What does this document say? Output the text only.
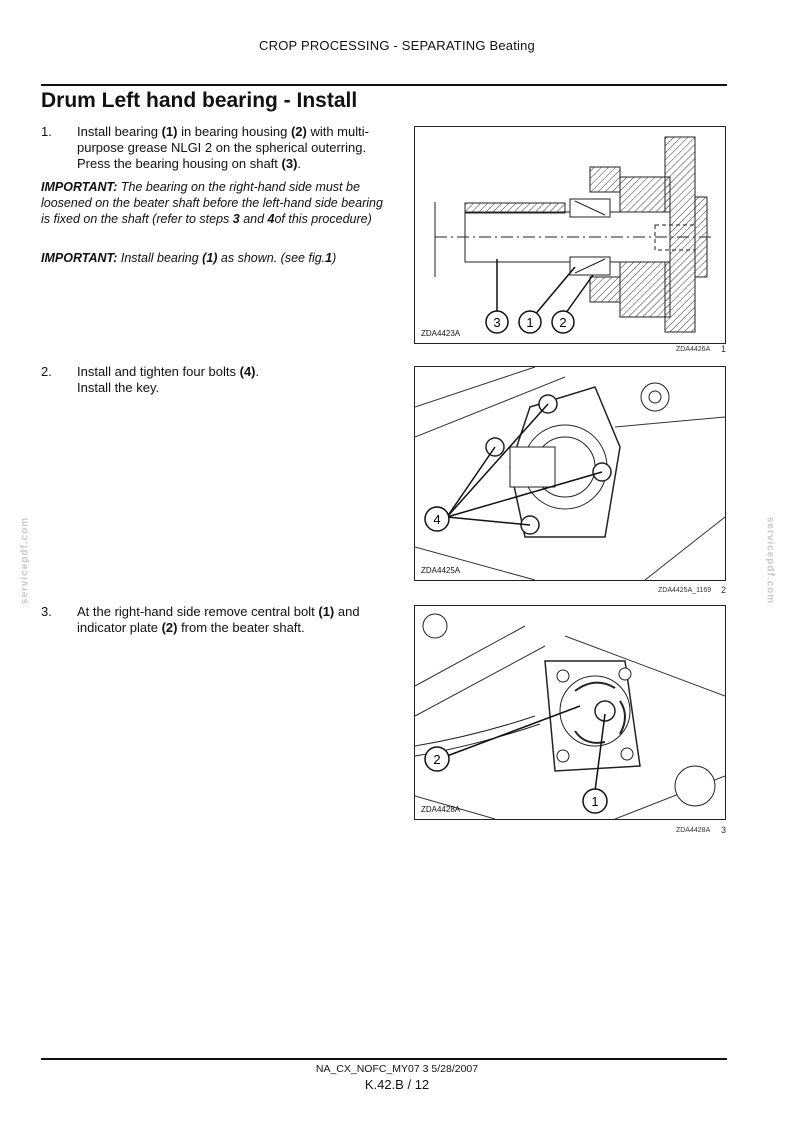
CROP PROCESSING - SEPARATING Beating
Drum Left hand bearing - Install
1.	Install bearing (1) in bearing housing (2) with multi-purpose grease NLGI 2 on the spherical outerring. Press the bearing housing on shaft (3).
IMPORTANT: The bearing on the right-hand side must be loosened on the beater shaft before the left-hand side bearing is fixed on the shaft (refer to steps 3 and 4of this procedure)
IMPORTANT: Install bearing (1) as shown. (see fig.1)
2.	Install and tighten four bolts (4).
Install the key.
3.	At the right-hand side remove central bolt (1) and indicator plate (2) from the beater shaft.
3 1 2
ZDA4423A
ZDA4426A 1
4
ZDA4425A
ZDA4425A_1169 2
2
1
ZDA4428A
ZDA4428A 3
servicepdf.com	servicepdf.com
NA_CX_NOFC_MY07 3 5/28/2007
K.42.B / 12
